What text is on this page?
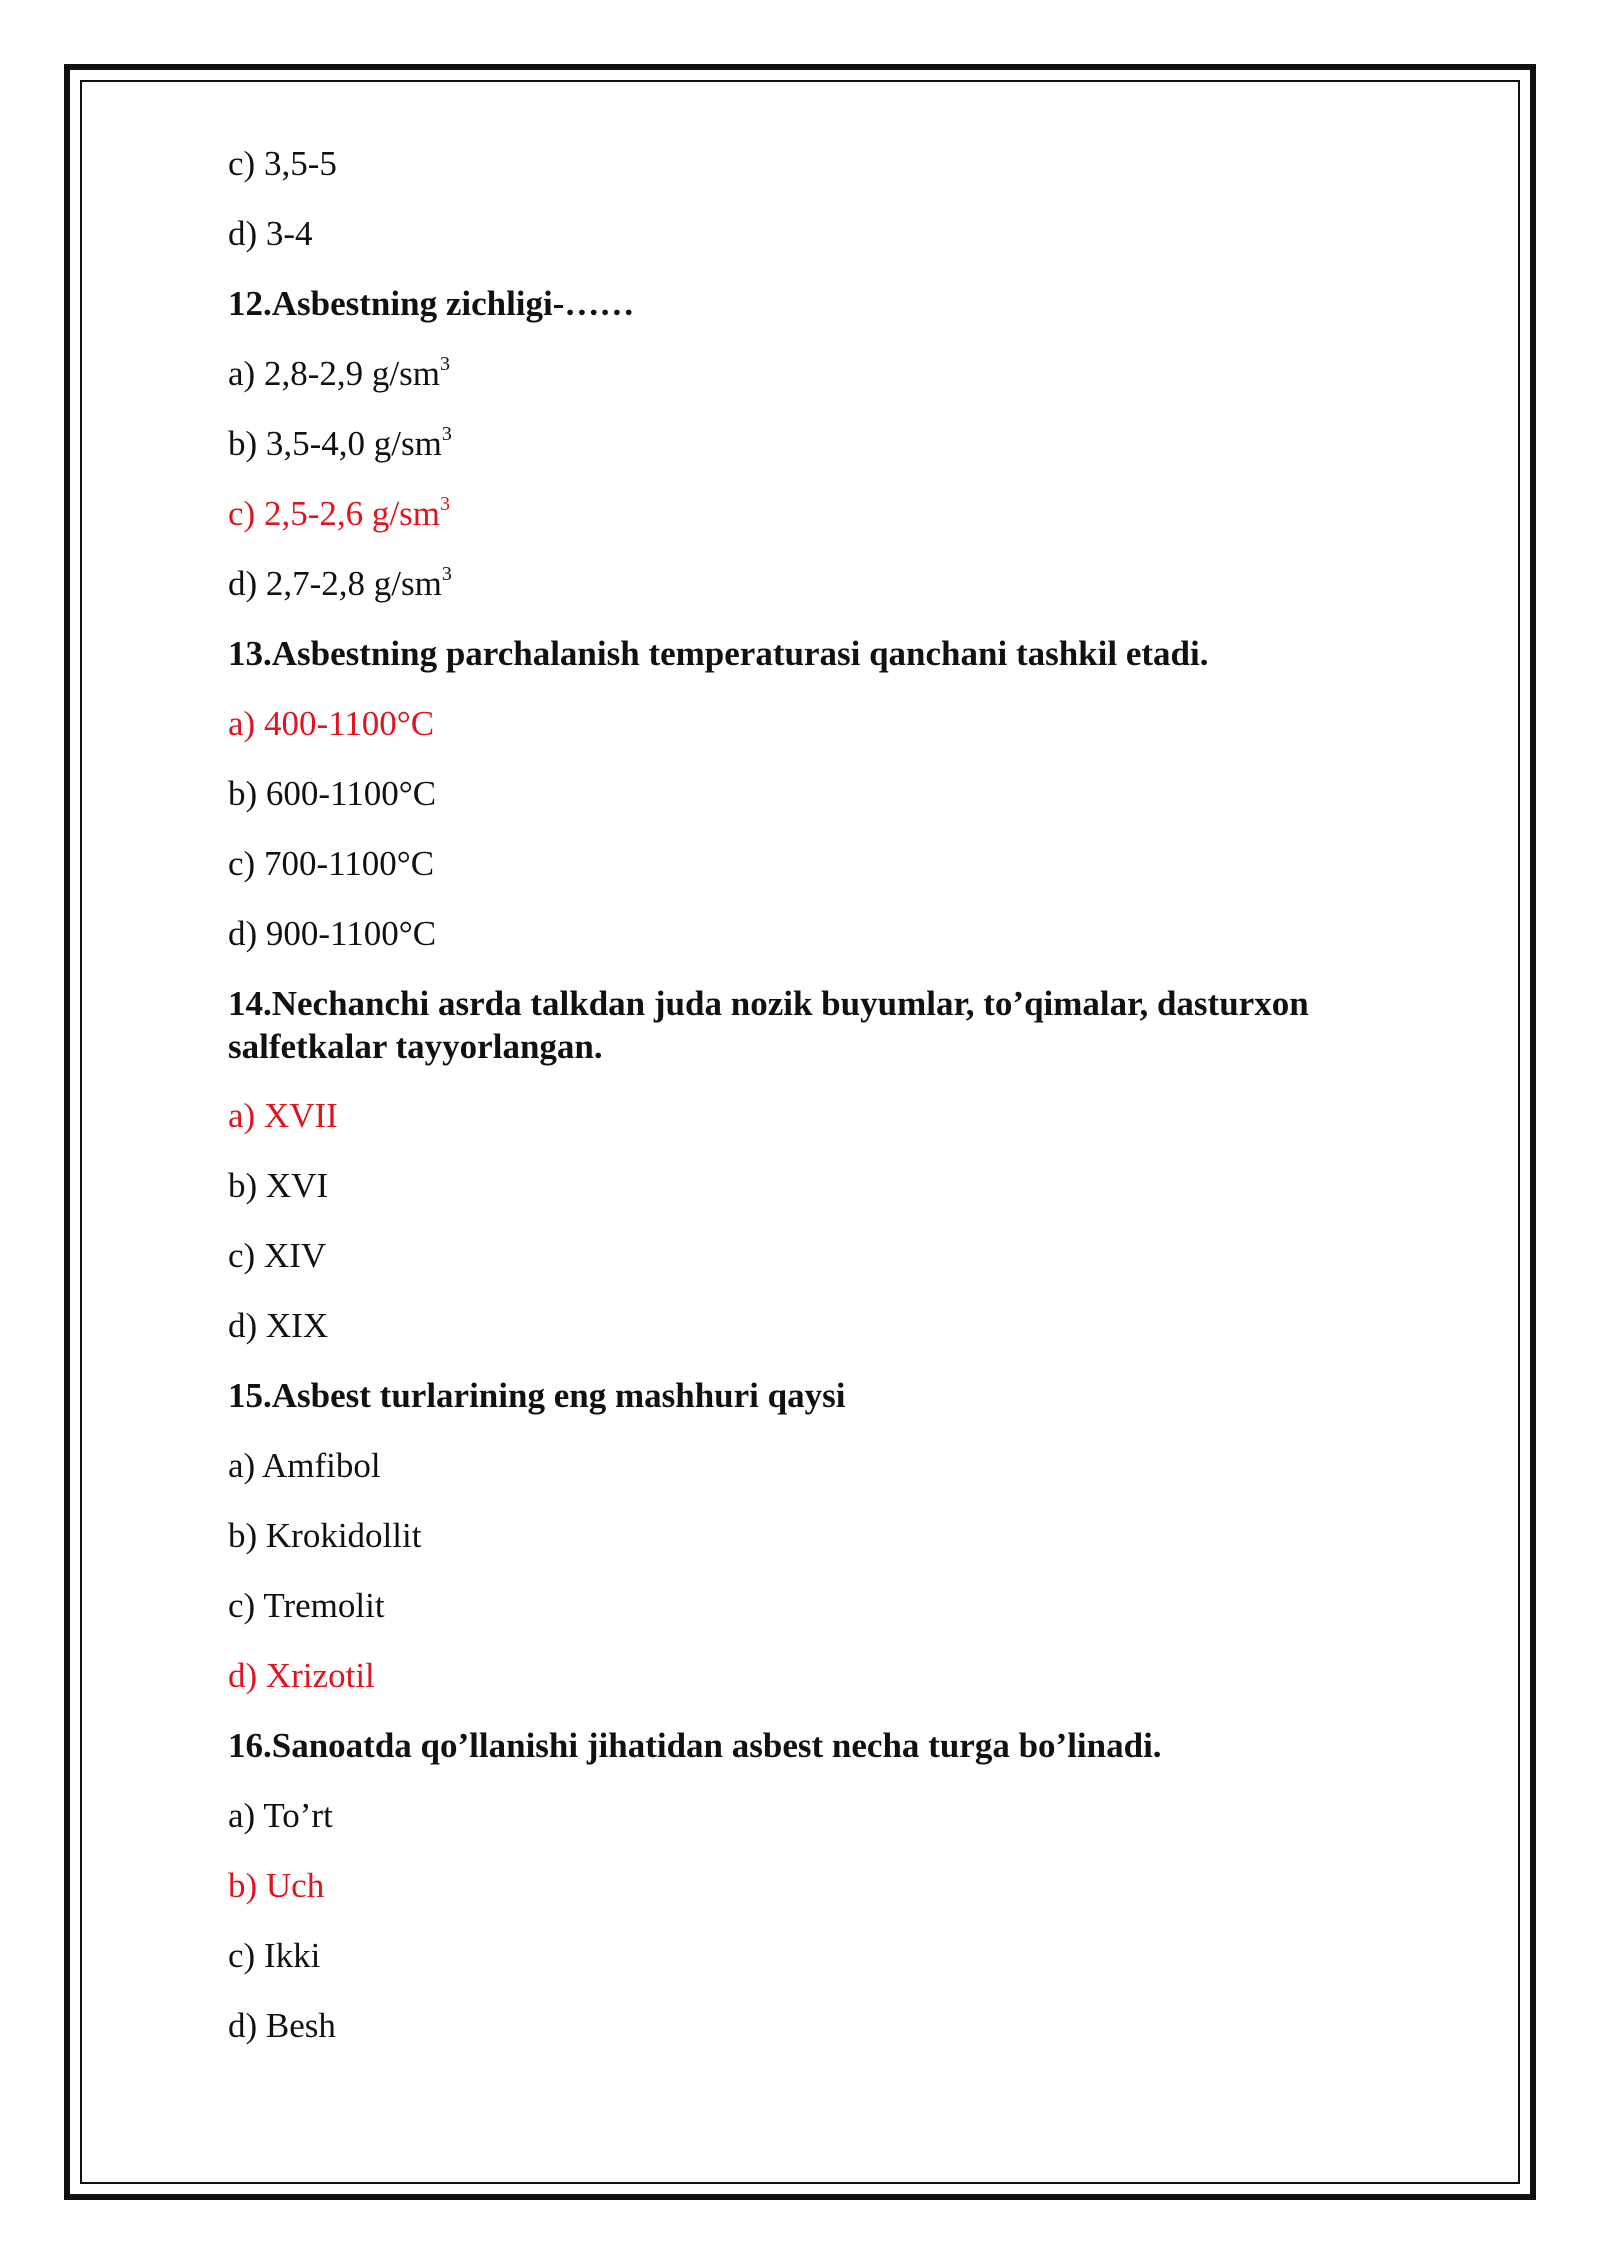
c) 3,5-5
d) 3-4
12.Asbestning zichligi-……
a) 2,8-2,9 $g/sm^3$
b) 3,5-4,0 $g/sm^3$
c) 2,5-2,6 $g/sm^3$
d) 2,7-2,8 $g/sm^3$
13.Asbestning parchalanish temperaturasi qanchani tashkil etadi.
a) 400-1100°C
b) 600-1100°C
c) 700-1100°C
d) 900-1100°C
14.Nechanchi asrda talkdan juda nozik buyumlar, to’qimalar, dasturxon salfetkalar tayyorlangan.
a) XVII
b) XVI
c) XIV
d) XIX
15.Asbest turlarining eng mashhuri qaysi
a) Amfibol
b) Krokidollit
c) Tremolit
d) Xrizotil
16.Sanoatda qo’llanishi jihatidan asbest necha turga bo’linadi.
a) To’rt
b) Uch
c) Ikki
d) Besh
